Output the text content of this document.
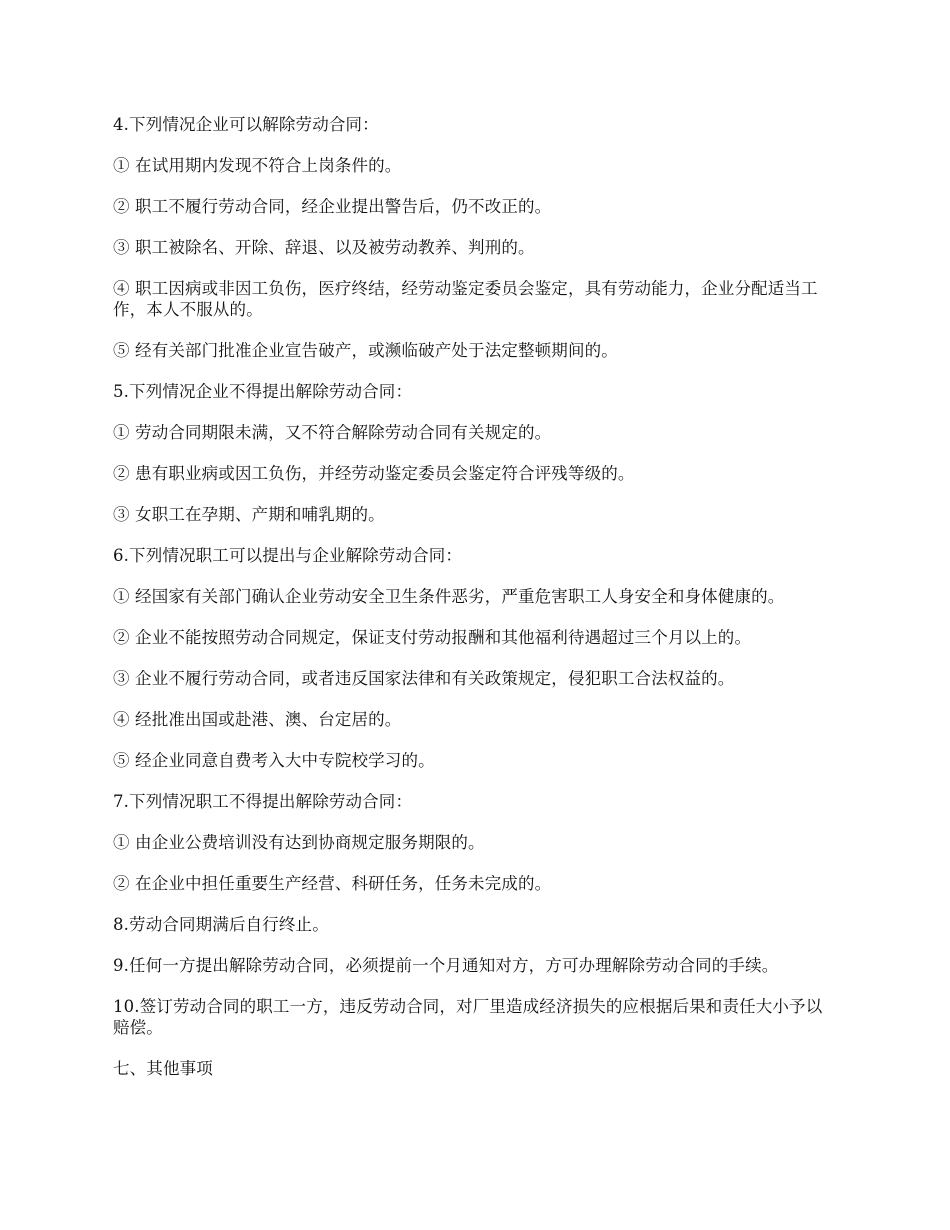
4.下列情况企业可以解除劳动合同：

① 在试用期内发现不符合上岗条件的。

② 职工不履行劳动合同，经企业提出警告后，仍不改正的。

③ 职工被除名、开除、辞退、以及被劳动教养、判刑的。

④ 职工因病或非因工负伤，医疗终结，经劳动鉴定委员会鉴定，具有劳动能力，企业分配适当工作，本人不服从的。

⑤ 经有关部门批准企业宣告破产，或濒临破产处于法定整顿期间的。

5.下列情况企业不得提出解除劳动合同：

① 劳动合同期限未满，又不符合解除劳动合同有关规定的。

② 患有职业病或因工负伤，并经劳动鉴定委员会鉴定符合评残等级的。

③ 女职工在孕期、产期和哺乳期的。

6.下列情况职工可以提出与企业解除劳动合同：

① 经国家有关部门确认企业劳动安全卫生条件恶劣，严重危害职工人身安全和身体健康的。

② 企业不能按照劳动合同规定，保证支付劳动报酬和其他福利待遇超过三个月以上的。

③ 企业不履行劳动合同，或者违反国家法律和有关政策规定，侵犯职工合法权益的。

④ 经批准出国或赴港、澳、台定居的。

⑤ 经企业同意自费考入大中专院校学习的。

7.下列情况职工不得提出解除劳动合同：

① 由企业公费培训没有达到协商规定服务期限的。

② 在企业中担任重要生产经营、科研任务，任务未完成的。

8.劳动合同期满后自行终止。

9.任何一方提出解除劳动合同，必须提前一个月通知对方，方可办理解除劳动合同的手续。

10.签订劳动合同的职工一方，违反劳动合同，对厂里造成经济损失的应根据后果和责任大小予以赔偿。

七、其他事项
